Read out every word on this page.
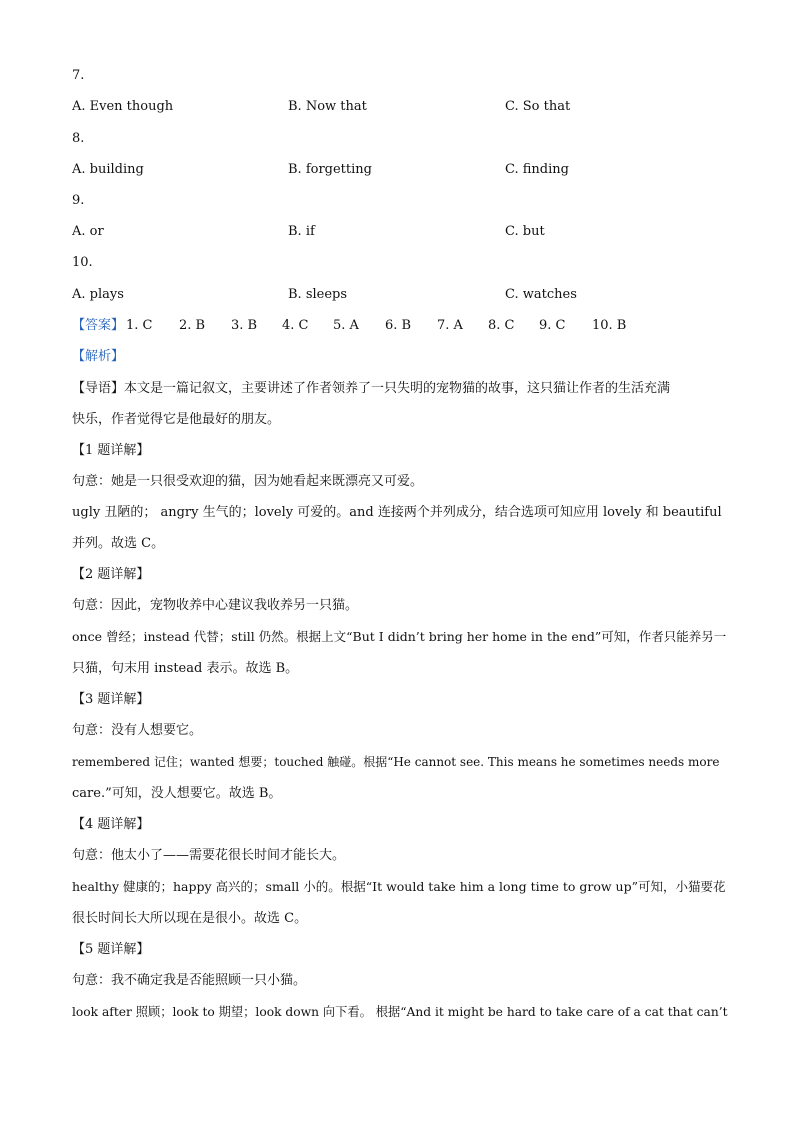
7.
A. Even though	B. Now that	C. So that
8.
A. building	B. forgetting	C. finding
9.
A. or	B. if	C. but
10.
A. plays	B. sleeps	C. watches
【答案】 1. C 2. B 3. B 4. C 5. A 6. B 7. A 8. C 9. C 10. B
【解析】
【导语】本文是一篇记叙文，主要讲述了作者领养了一只失明的宠物猫的故事，这只猫让作者的生活充满
快乐，作者觉得它是他最好的朋友。
【1 题详解】
句意：她是一只很受欢迎的猫，因为她看起来既漂亮又可爱。
ugly 丑陋的； angry 生气的；lovely 可爱的。and 连接两个并列成分，结合选项可知应用 lovely 和 beautiful
并列。故选 C。
【2 题详解】
句意：因此，宠物收养中心建议我收养另一只猫。
once 曾经；instead 代替；still 仍然。根据上文“But I didn’t bring her home in the end”可知，作者只能养另一
只猫，句末用 instead 表示。故选 B。
【3 题详解】
句意：没有人想要它。
remembered 记住；wanted 想要；touched 触碰。根据“He cannot see. This means he sometimes needs more
care.”可知，没人想要它。故选 B。
【4 题详解】
句意：他太小了——需要花很长时间才能长大。
healthy 健康的；happy 高兴的；small 小的。根据“It would take him a long time to grow up”可知，小猫要花
很长时间长大所以现在是很小。故选 C。
【5 题详解】
句意：我不确定我是否能照顾一只小猫。
look after 照顾；look to 期望；look down 向下看。 根据“And it might be hard to take care of a cat that can’t
